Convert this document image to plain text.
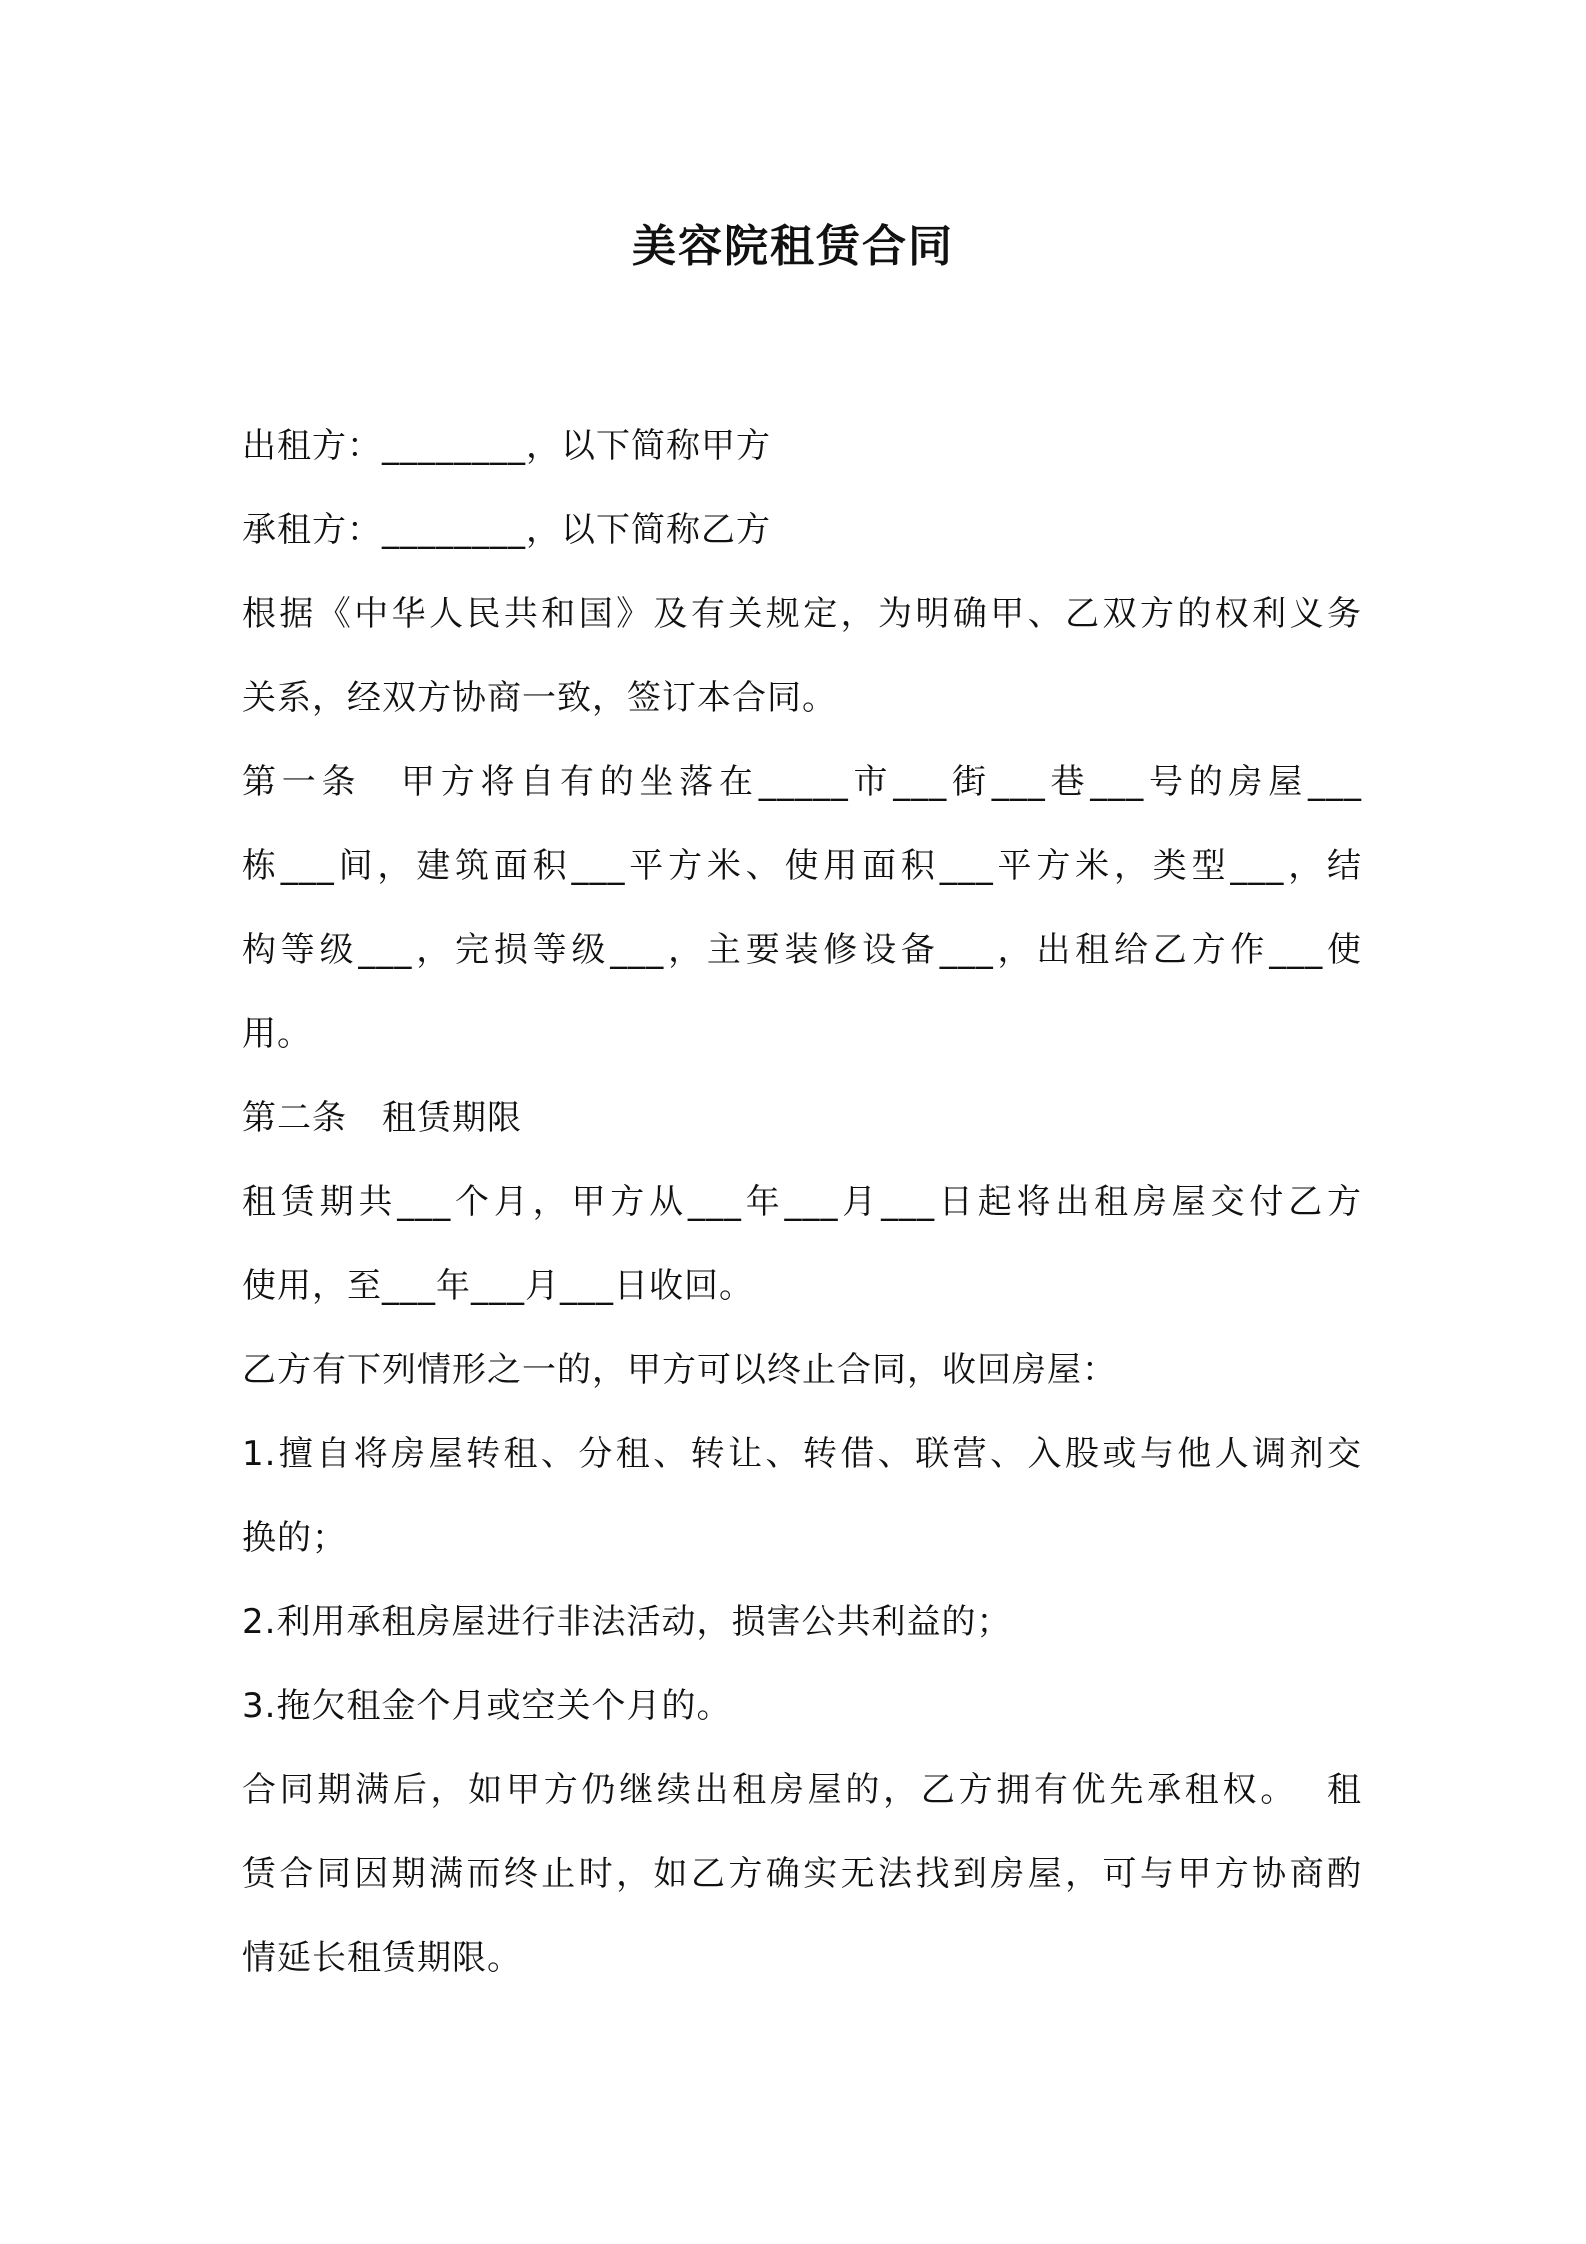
美容院租赁合同
出租方：________，以下简称甲方
承租方：________，以下简称乙方
根据《中华人民共和国》及有关规定，为明确甲、乙双方的权利义务
关系，经双方协商一致，签订本合同。
第一条　甲方将自有的坐落在_____市___街___巷___号的房屋___
栋___间，建筑面积___平方米、使用面积___平方米，类型___，结
构等级___，完损等级___，主要装修设备___，出租给乙方作___使
用。
第二条　租赁期限
租赁期共___个月，甲方从___年___月___日起将出租房屋交付乙方
使用，至___年___月___日收回。
乙方有下列情形之一的，甲方可以终止合同，收回房屋：
1.擅自将房屋转租、分租、转让、转借、联营、入股或与他人调剂交
换的；
2.利用承租房屋进行非法活动，损害公共利益的；
3.拖欠租金个月或空关个月的。
合同期满后，如甲方仍继续出租房屋的，乙方拥有优先承租权。  租
赁合同因期满而终止时，如乙方确实无法找到房屋，可与甲方协商酌
情延长租赁期限。
